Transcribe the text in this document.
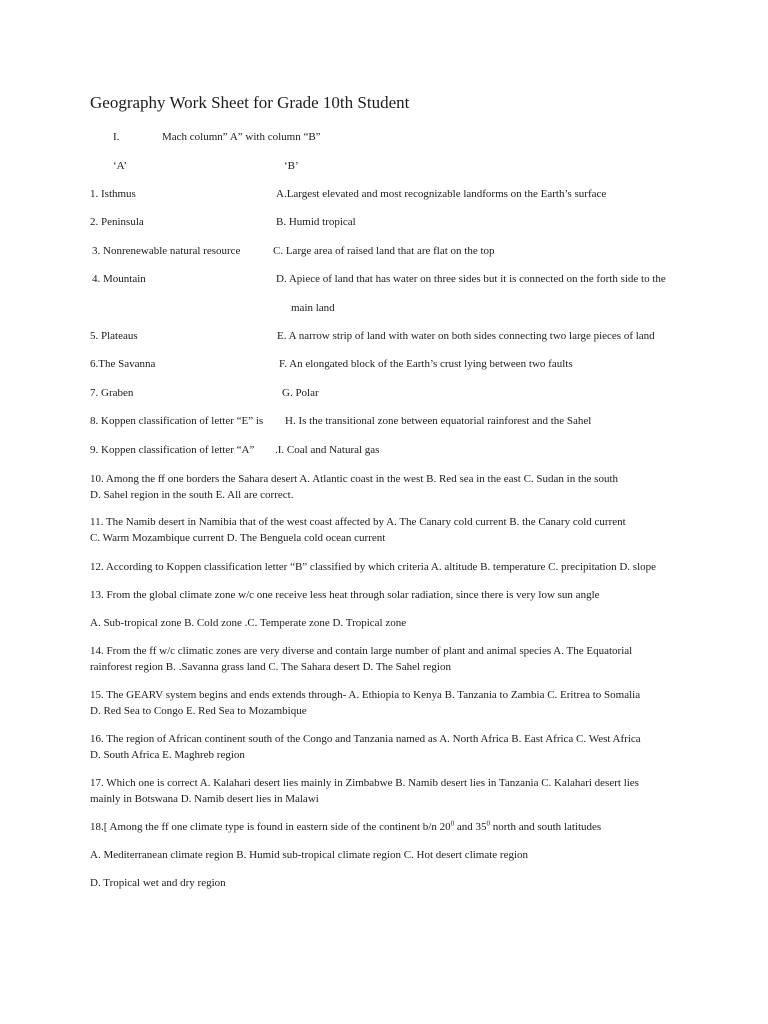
Geography Work Sheet for Grade 10th Student
I.	Mach column” A” with column “B”
‘A’	‘B’
1. Isthmus	A.Largest elevated and most recognizable landforms on the Earth’s surface
2. Peninsula	B. Humid tropical
3. Nonrenewable natural resource	C. Large area of raised land that are flat on the top
4. Mountain	D. Apiece of land that has water on three sides but it is connected on the forth side to the
main land
5. Plateaus	E. A narrow strip of land with water on both sides connecting two large pieces of land
6.The Savanna	F. An elongated block of the Earth’s crust lying between two faults
7. Graben	G. Polar
8. Koppen classification of letter “E” is H. Is the transitional zone between equatorial rainforest and the Sahel
9. Koppen classification of letter “A” .I. Coal and Natural gas
10. Among the ff one borders the Sahara desert A. Atlantic coast in the west B. Red sea in the east C. Sudan in the south
D. Sahel region in the south E. All are correct.
11. The Namib desert in Namibia that of the west coast affected by A. The Canary cold current B. the Canary cold current
C. Warm Mozambique current D. The Benguela cold ocean current
12. According to Koppen classification letter “B” classified by which criteria A. altitude B. temperature C. precipitation D. slope
13. From the global climate zone w/c one receive less heat through solar radiation, since there is very low sun angle
A. Sub-tropical zone B. Cold zone .C. Temperate zone D. Tropical zone
14. From the ff w/c climatic zones are very diverse and contain large number of plant and animal species A. The Equatorial
rainforest region B. .Savanna grass land C. The Sahara desert D. The Sahel region
15. The GEARV system begins and ends extends through- A. Ethiopia to Kenya B. Tanzania to Zambia C. Eritrea to Somalia
D. Red Sea to Congo E. Red Sea to Mozambique
16. The region of African continent south of the Congo and Tanzania named as A. North Africa B. East Africa C. West Africa
D. South Africa E. Maghreb region
17. Which one is correct A. Kalahari desert lies mainly in Zimbabwe B. Namib desert lies in Tanzania C. Kalahari desert lies
mainly in Botswana D. Namib desert lies in Malawi
18.[ Among the ff one climate type is found in eastern side of the continent b/n $20^0$ and $35^0$ north and south latitudes
A. Mediterranean climate region B. Humid sub-tropical climate region C. Hot desert climate region
D. Tropical wet and dry region
